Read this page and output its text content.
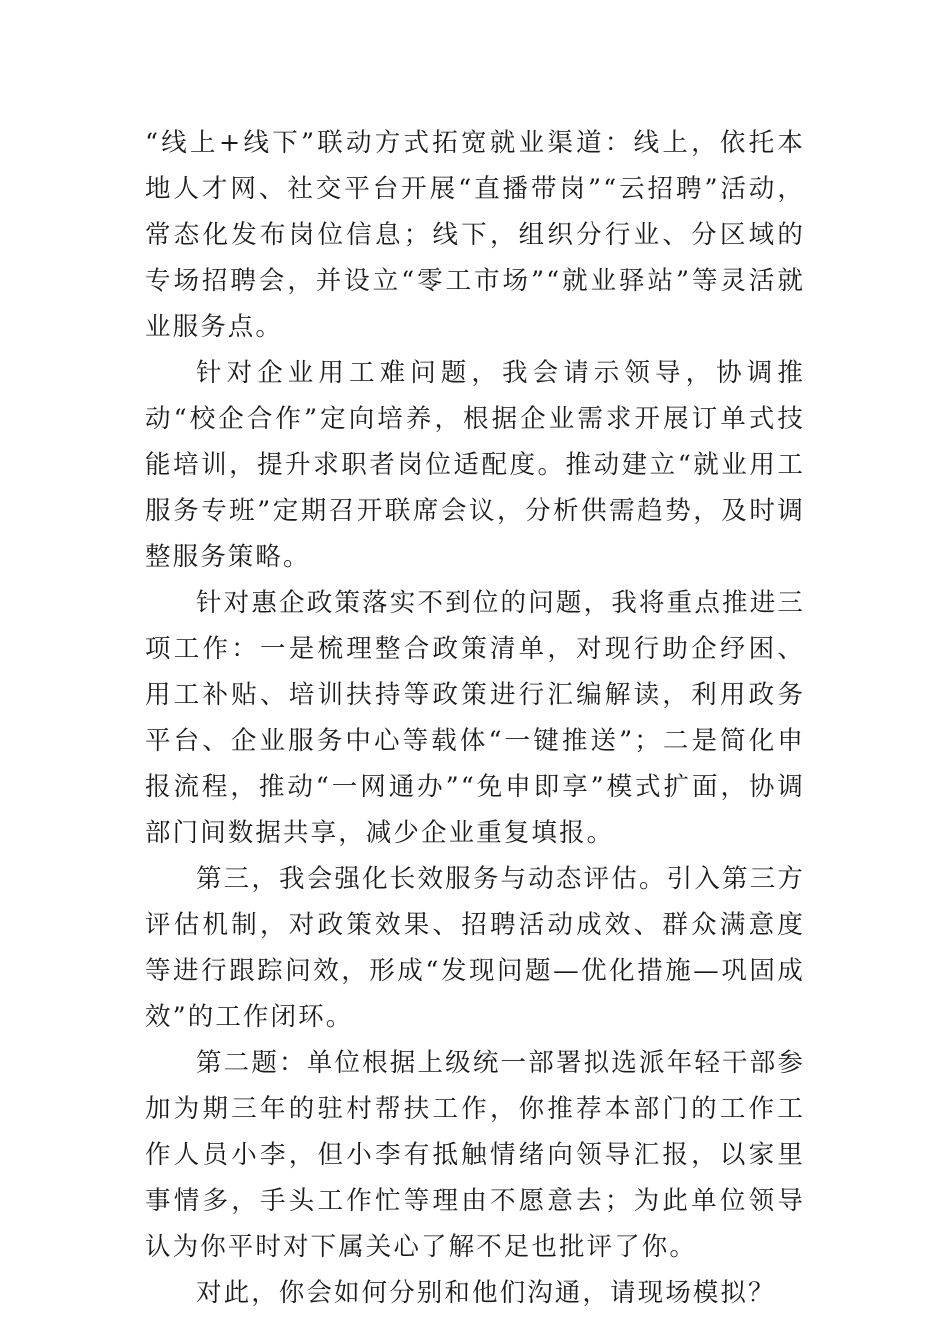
“线上+线下”联动方式拓宽就业渠道：线上，依托本地人才网、社交平台开展“直播带岗”“云招聘”活动，常态化发布岗位信息；线下，组织分行业、分区域的专场招聘会，并设立“零工市场”“就业驿站”等灵活就业服务点。

针对企业用工难问题，我会请示领导，协调推动“校企合作”定向培养，根据企业需求开展订单式技能培训，提升求职者岗位适配度。推动建立“就业用工服务专班”定期召开联席会议，分析供需趋势，及时调整服务策略。

针对惠企政策落实不到位的问题，我将重点推进三项工作：一是梳理整合政策清单，对现行助企纾困、用工补贴、培训扶持等政策进行汇编解读，利用政务平台、企业服务中心等载体“一键推送”；二是简化申报流程，推动“一网通办”“免申即享”模式扩面，协调部门间数据共享，减少企业重复填报。

第三，我会强化长效服务与动态评估。引入第三方评估机制，对政策效果、招聘活动成效、群众满意度等进行跟踪问效，形成“发现问题—优化措施—巩固成效”的工作闭环。

第二题：单位根据上级统一部署拟选派年轻干部参加为期三年的驻村帮扶工作，你推荐本部门的工作工作人员小李，但小李有抵触情绪向领导汇报，以家里事情多，手头工作忙等理由不愿意去；为此单位领导认为你平时对下属关心了解不足也批评了你。

对此，你会如何分别和他们沟通，请现场模拟？
